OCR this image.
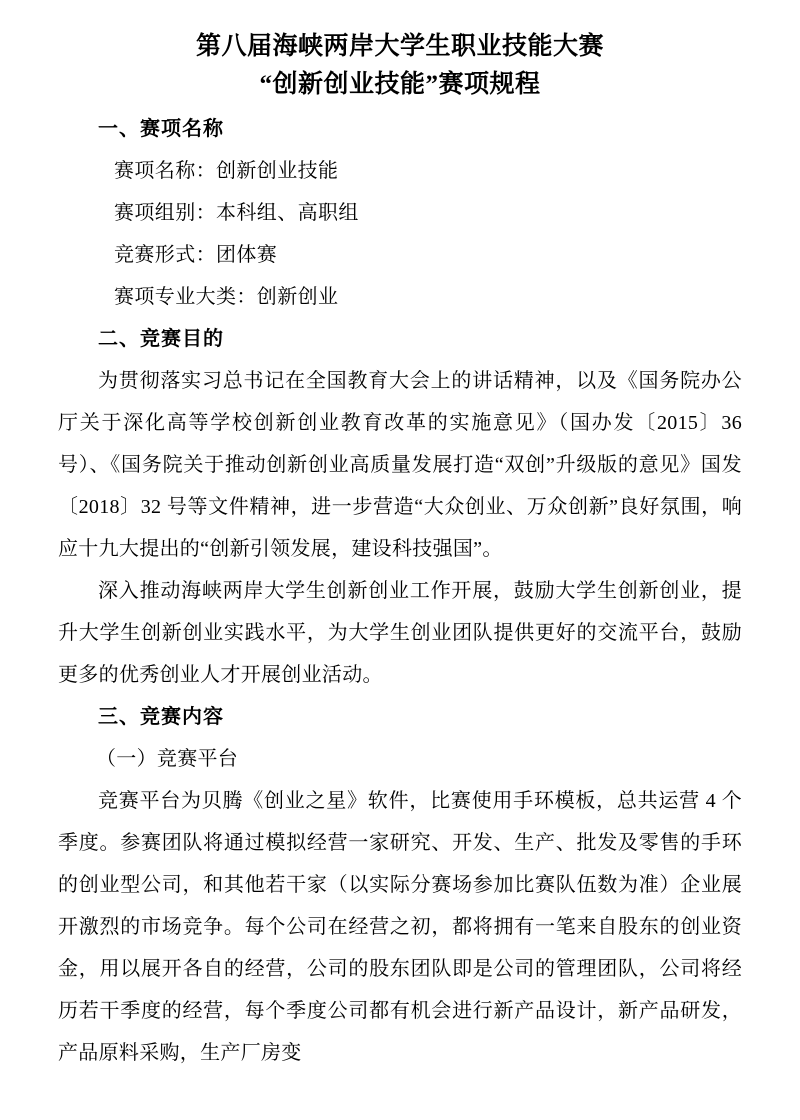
第八届海峡两岸大学生职业技能大赛
“创新创业技能”赛项规程
一、赛项名称

赛项名称：创新创业技能

赛项组别：本科组、高职组

竞赛形式：团体赛

赛项专业大类：创新创业

二、竞赛目的

为贯彻落实习总书记在全国教育大会上的讲话精神，以及《国务院办公厅关于深化高等学校创新创业教育改革的实施意见》（国办发〔2015〕36 号）、《国务院关于推动创新创业高质量发展打造“双创”升级版的意见》国发〔2018〕32 号等文件精神，进一步营造“大众创业、万众创新”良好氛围，响应十九大提出的“创新引领发展，建设科技强国”。

深入推动海峡两岸大学生创新创业工作开展，鼓励大学生创新创业，提升大学生创新创业实践水平，为大学生创业团队提供更好的交流平台，鼓励更多的优秀创业人才开展创业活动。

三、竞赛内容

（一）竞赛平台

竞赛平台为贝腾《创业之星》软件，比赛使用手环模板，总共运营 4 个季度。参赛团队将通过模拟经营一家研究、开发、生产、批发及零售的手环的创业型公司，和其他若干家（以实际分赛场参加比赛队伍数为准）企业展开激烈的市场竞争。每个公司在经营之初，都将拥有一笔来自股东的创业资金，用以展开各自的经营，公司的股东团队即是公司的管理团队，公司将经历若干季度的经营，每个季度公司都有机会进行新产品设计，新产品研发，产品原料采购，生产厂房变
